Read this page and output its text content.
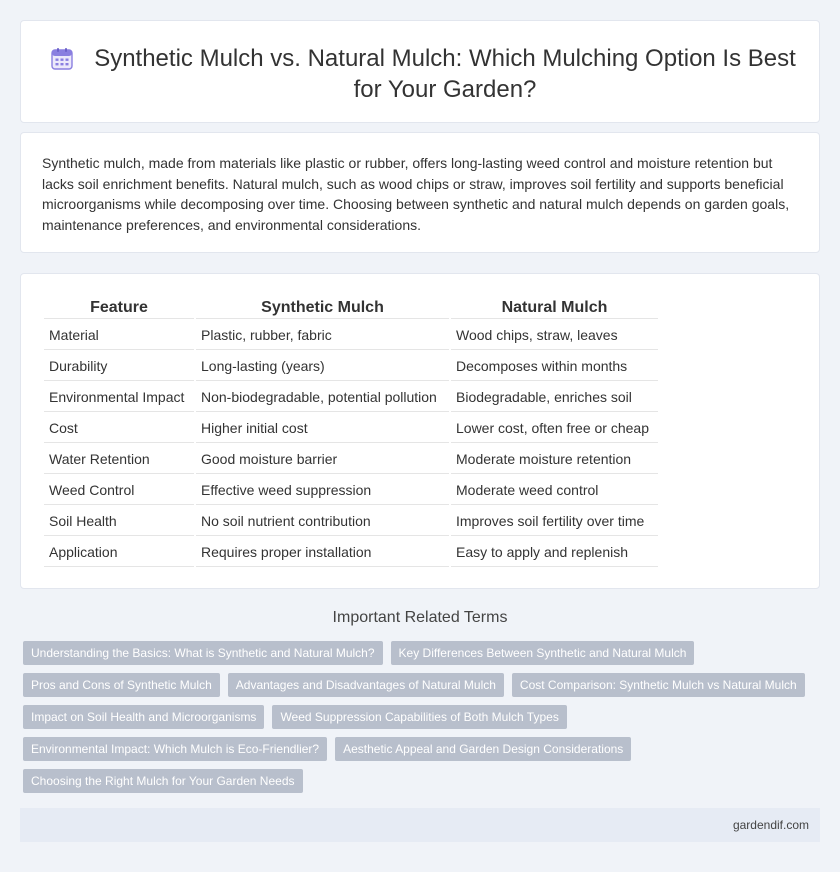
Synthetic Mulch vs. Natural Mulch: Which Mulching Option Is Best for Your Garden?

Synthetic mulch, made from materials like plastic or rubber, offers long-lasting weed control and moisture retention but lacks soil enrichment benefits. Natural mulch, such as wood chips or straw, improves soil fertility and supports beneficial microorganisms while decomposing over time. Choosing between synthetic and natural mulch depends on garden goals, maintenance preferences, and environmental considerations.

Feature	Synthetic Mulch	Natural Mulch
Material	Plastic, rubber, fabric	Wood chips, straw, leaves
Durability	Long-lasting (years)	Decomposes within months
Environmental Impact	Non-biodegradable, potential pollution	Biodegradable, enriches soil
Cost	Higher initial cost	Lower cost, often free or cheap
Water Retention	Good moisture barrier	Moderate moisture retention
Weed Control	Effective weed suppression	Moderate weed control
Soil Health	No soil nutrient contribution	Improves soil fertility over time
Application	Requires proper installation	Easy to apply and replenish
Important Related Terms
Understanding the Basics: What is Synthetic and Natural Mulch?	Key Differences Between Synthetic and Natural Mulch
Pros and Cons of Synthetic Mulch	Advantages and Disadvantages of Natural Mulch	Cost Comparison: Synthetic Mulch vs Natural Mulch
Impact on Soil Health and Microorganisms	Weed Suppression Capabilities of Both Mulch Types
Environmental Impact: Which Mulch is Eco-Friendlier?	Aesthetic Appeal and Garden Design Considerations
Choosing the Right Mulch for Your Garden Needs
gardendif.com
